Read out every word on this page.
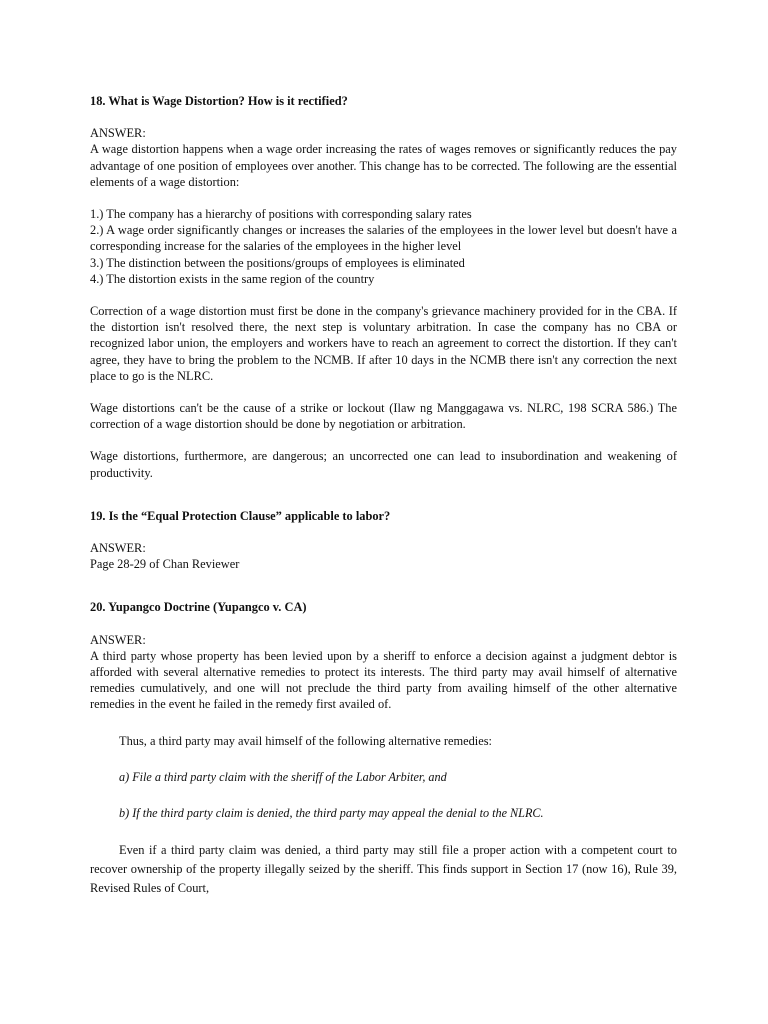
18. What is Wage Distortion? How is it rectified?

ANSWER:

A wage distortion happens when a wage order increasing the rates of wages removes or significantly reduces the pay advantage of one position of employees over another. This change has to be corrected. The following are the essential elements of a wage distortion:

1.) The company has a hierarchy of positions with corresponding salary rates

2.) A wage order significantly changes or increases the salaries of the employees in the lower level but doesn't have a corresponding increase for the salaries of the employees in the higher level

3.) The distinction between the positions/groups of employees is eliminated

4.) The distortion exists in the same region of the country

Correction of a wage distortion must first be done in the company's grievance machinery provided for in the CBA. If the distortion isn't resolved there, the next step is voluntary arbitration. In case the company has no CBA or recognized labor union, the employers and workers have to reach an agreement to correct the distortion. If they can't agree, they have to bring the problem to the NCMB. If after 10 days in the NCMB there isn't any correction the next place to go is the NLRC.

Wage distortions can't be the cause of a strike or lockout (Ilaw ng Manggagawa vs. NLRC, 198 SCRA 586.) The correction of a wage distortion should be done by negotiation or arbitration.

Wage distortions, furthermore, are dangerous; an uncorrected one can lead to insubordination and weakening of productivity.

19. Is the “Equal Protection Clause” applicable to labor?

ANSWER:

Page 28-29 of Chan Reviewer

20. Yupangco Doctrine (Yupangco v. CA)

ANSWER:

A third party whose property has been levied upon by a sheriff to enforce a decision against a judgment debtor is afforded with several alternative remedies to protect its interests. The third party may avail himself of alternative remedies cumulatively, and one will not preclude the third party from availing himself of the other alternative remedies in the event he failed in the remedy first availed of.

Thus, a third party may avail himself of the following alternative remedies:

a) File a third party claim with the sheriff of the Labor Arbiter, and

b) If the third party claim is denied, the third party may appeal the denial to the NLRC.

Even if a third party claim was denied, a third party may still file a proper action with a competent court to recover ownership of the property illegally seized by the sheriff. This finds support in Section 17 (now 16), Rule 39, Revised Rules of Court,
